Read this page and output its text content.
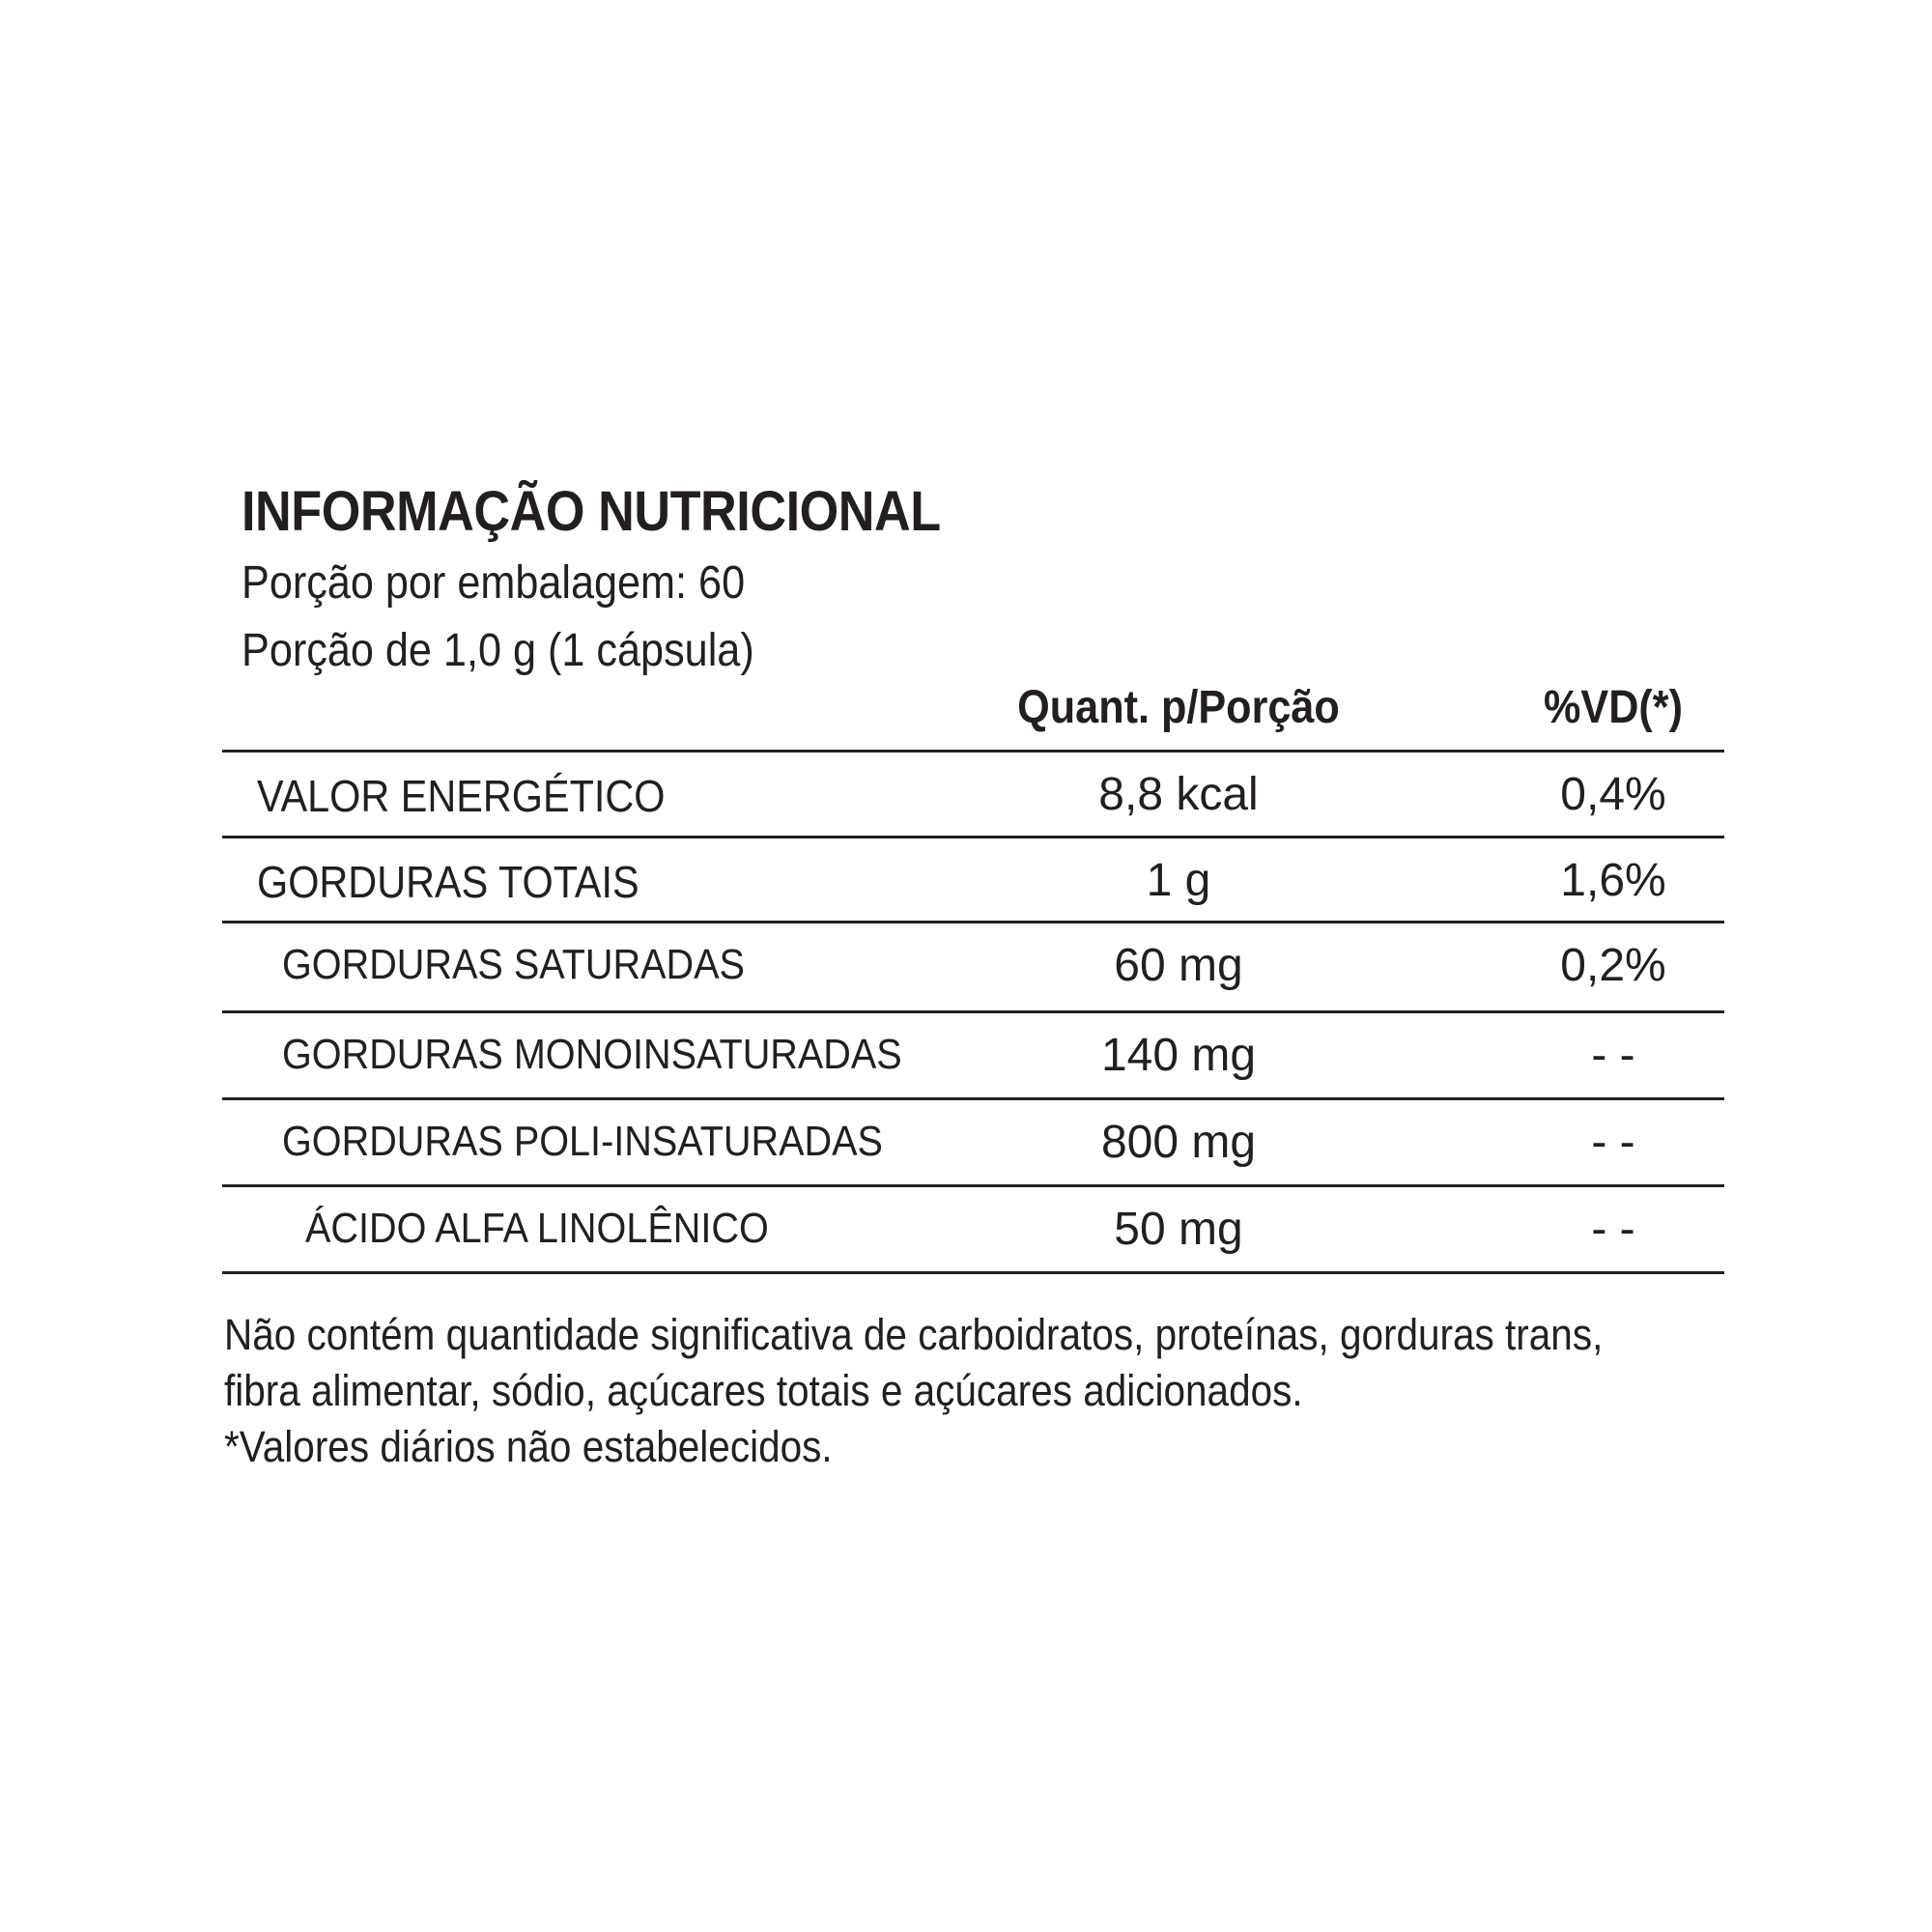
INFORMAÇÃO NUTRICIONAL
Porção por embalagem: 60
Porção de 1,0 g (1 cápsula)
Quant. p/Porção	%VD(*)
VALOR ENERGÉTICO	8,8 kcal	0,4%
GORDURAS TOTAIS	1 g	1,6%
GORDURAS SATURADAS	60 mg	0,2%
GORDURAS MONOINSATURADAS	140 mg	- -
GORDURAS POLI-INSATURADAS	800 mg	- -
ÁCIDO ALFA LINOLÊNICO	50 mg	- -
Não contém quantidade significativa de carboidratos, proteínas, gorduras trans,
fibra alimentar, sódio, açúcares totais e açúcares adicionados.
*Valores diários não estabelecidos.
